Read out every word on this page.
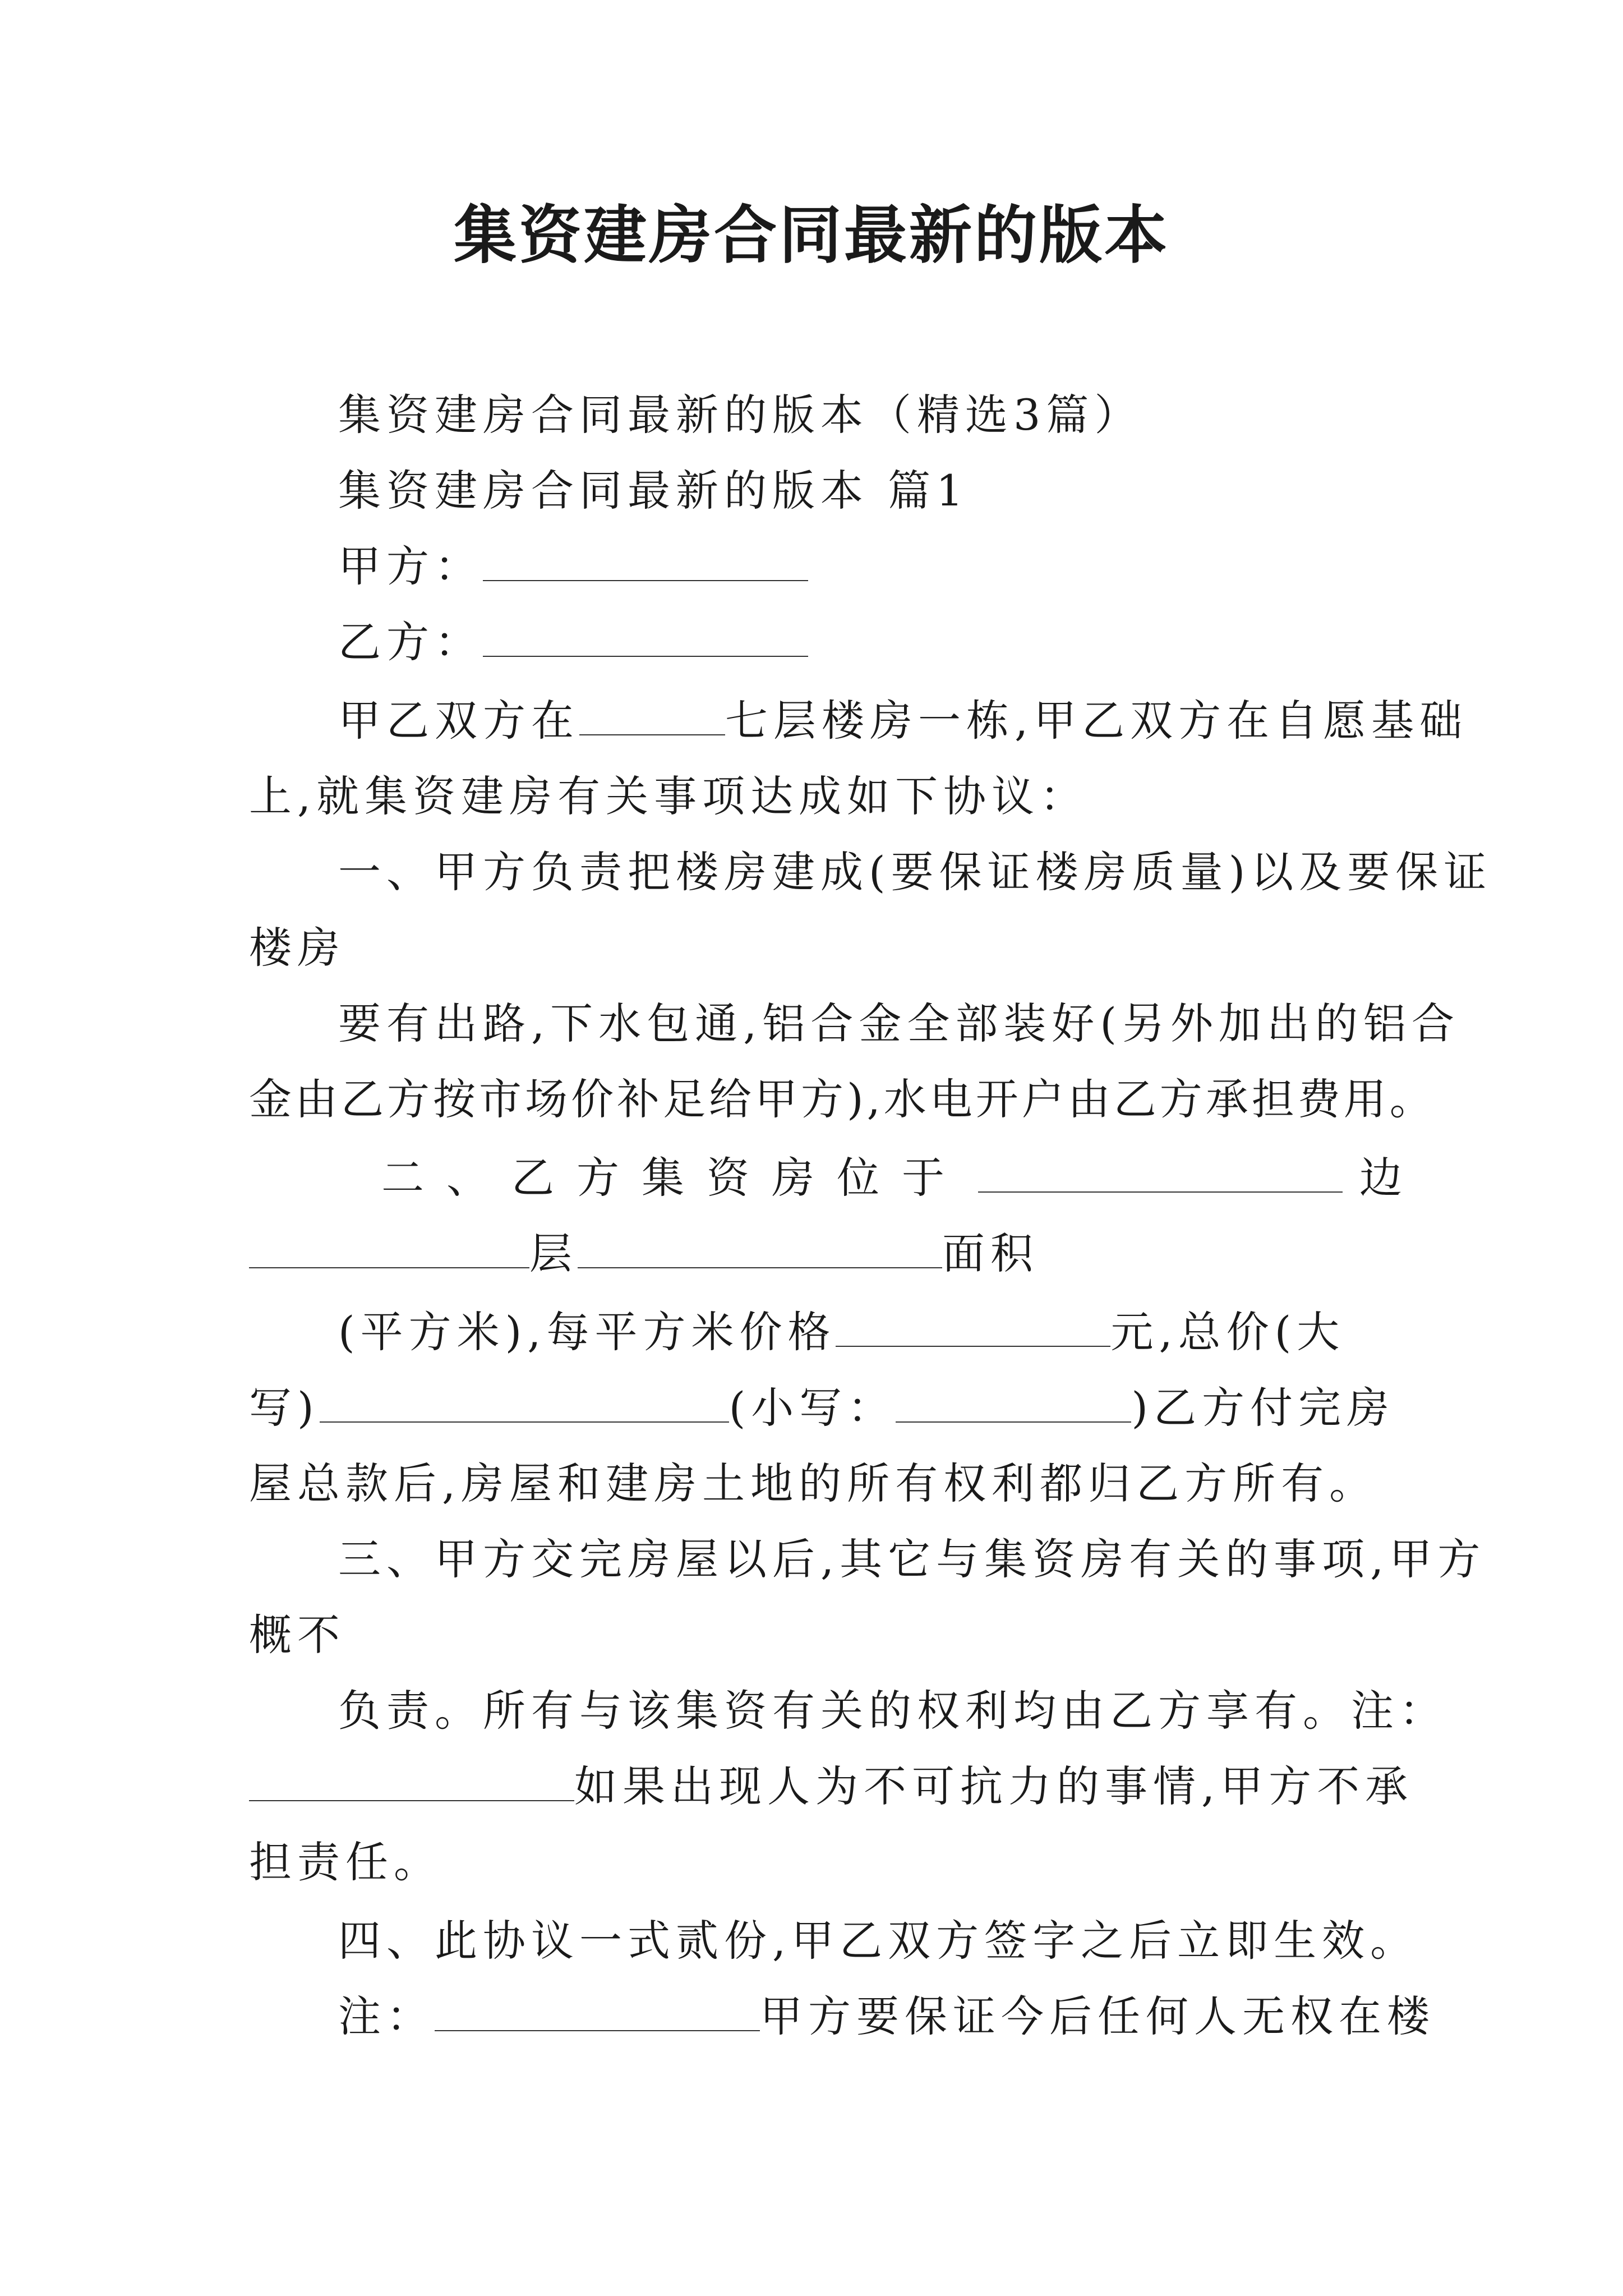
集资建房合同最新的版本
集资建房合同最新的版本（精选3篇）
集资建房合同最新的版本 篇1
甲方：
乙方：
甲乙双方在	七层楼房一栋,甲乙双方在自愿基础
上,就集资建房有关事项达成如下协议：
一、甲方负责把楼房建成(要保证楼房质量)以及要保证
楼房
要有出路,下水包通,铝合金全部装好(另外加出的铝合
金由乙方按市场价补足给甲方),水电开户由乙方承担费用。
二、乙方集资房位于	边
层	面积
(平方米),每平方米价格	元,总价(大
写)	(小写：	)乙方付完房
屋总款后,房屋和建房土地的所有权利都归乙方所有。
三、甲方交完房屋以后,其它与集资房有关的事项,甲方
概不
负责。所有与该集资有关的权利均由乙方享有。注：
如果出现人为不可抗力的事情,甲方不承
担责任。
四、此协议一式贰份,甲乙双方签字之后立即生效。
注：	甲方要保证今后任何人无权在楼
